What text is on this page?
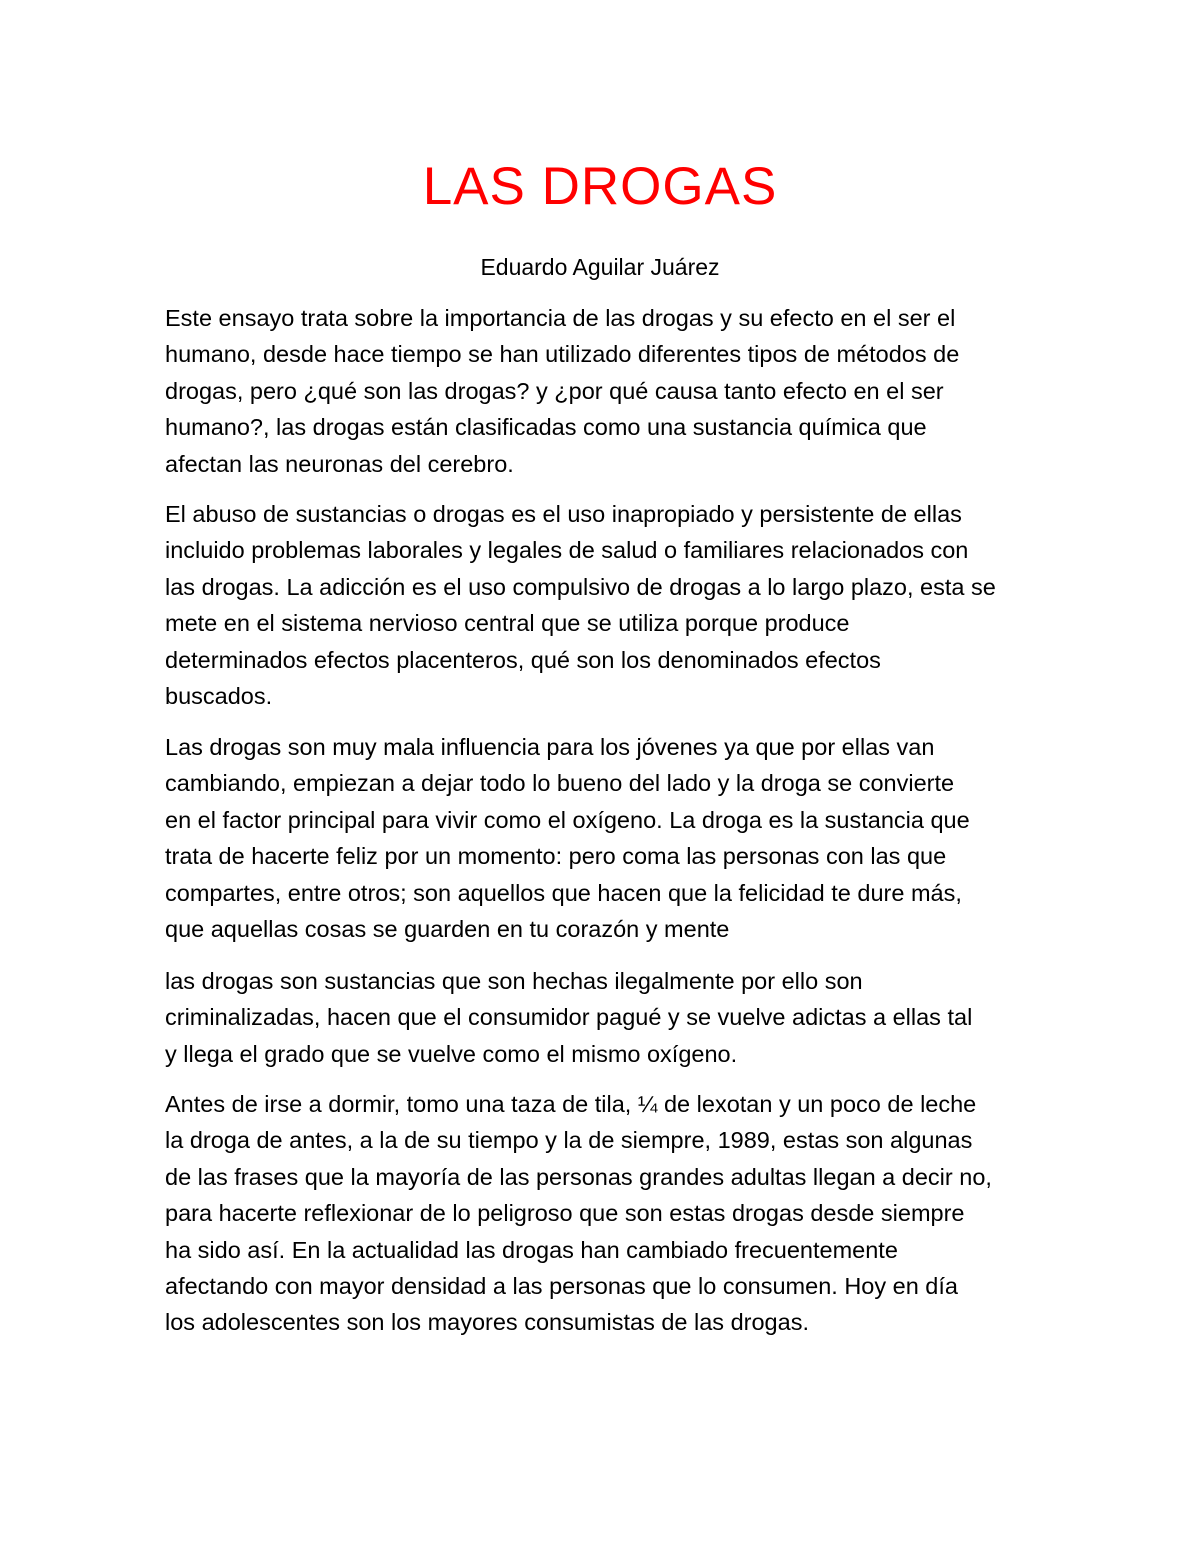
LAS DROGAS
Eduardo Aguilar Juárez

Este ensayo trata sobre la importancia de las drogas y su efecto en el ser el
humano, desde hace tiempo se han utilizado diferentes tipos de métodos de
drogas, pero ¿qué son las drogas? y ¿por qué causa tanto efecto en el ser
humano?, las drogas están clasificadas como una sustancia química que
afectan las neuronas del cerebro.

El abuso de sustancias o drogas es el uso inapropiado y persistente de ellas
incluido problemas laborales y legales de salud o familiares relacionados con
las drogas. La adicción es el uso compulsivo de drogas a lo largo plazo, esta se
mete en el sistema nervioso central que se utiliza porque produce
determinados efectos placenteros, qué son los denominados efectos
buscados.

Las drogas son muy mala influencia para los jóvenes ya que por ellas van
cambiando, empiezan a dejar todo lo bueno del lado y la droga se convierte
en el factor principal para vivir como el oxígeno. La droga es la sustancia que
trata de hacerte feliz por un momento: pero coma las personas con las que
compartes, entre otros; son aquellos que hacen que la felicidad te dure más,
que aquellas cosas se guarden en tu corazón y mente

las drogas son sustancias que son hechas ilegalmente por ello son
criminalizadas, hacen que el consumidor pagué y se vuelve adictas a ellas tal
y llega el grado que se vuelve como el mismo oxígeno.

Antes de irse a dormir, tomo una taza de tila, ¼ de lexotan y un poco de leche
la droga de antes, a la de su tiempo y la de siempre, 1989, estas son algunas
de las frases que la mayoría de las personas grandes adultas llegan a decir no,
para hacerte reflexionar de lo peligroso que son estas drogas desde siempre
ha sido así. En la actualidad las drogas han cambiado frecuentemente
afectando con mayor densidad a las personas que lo consumen. Hoy en día
los adolescentes son los mayores consumistas de las drogas.
